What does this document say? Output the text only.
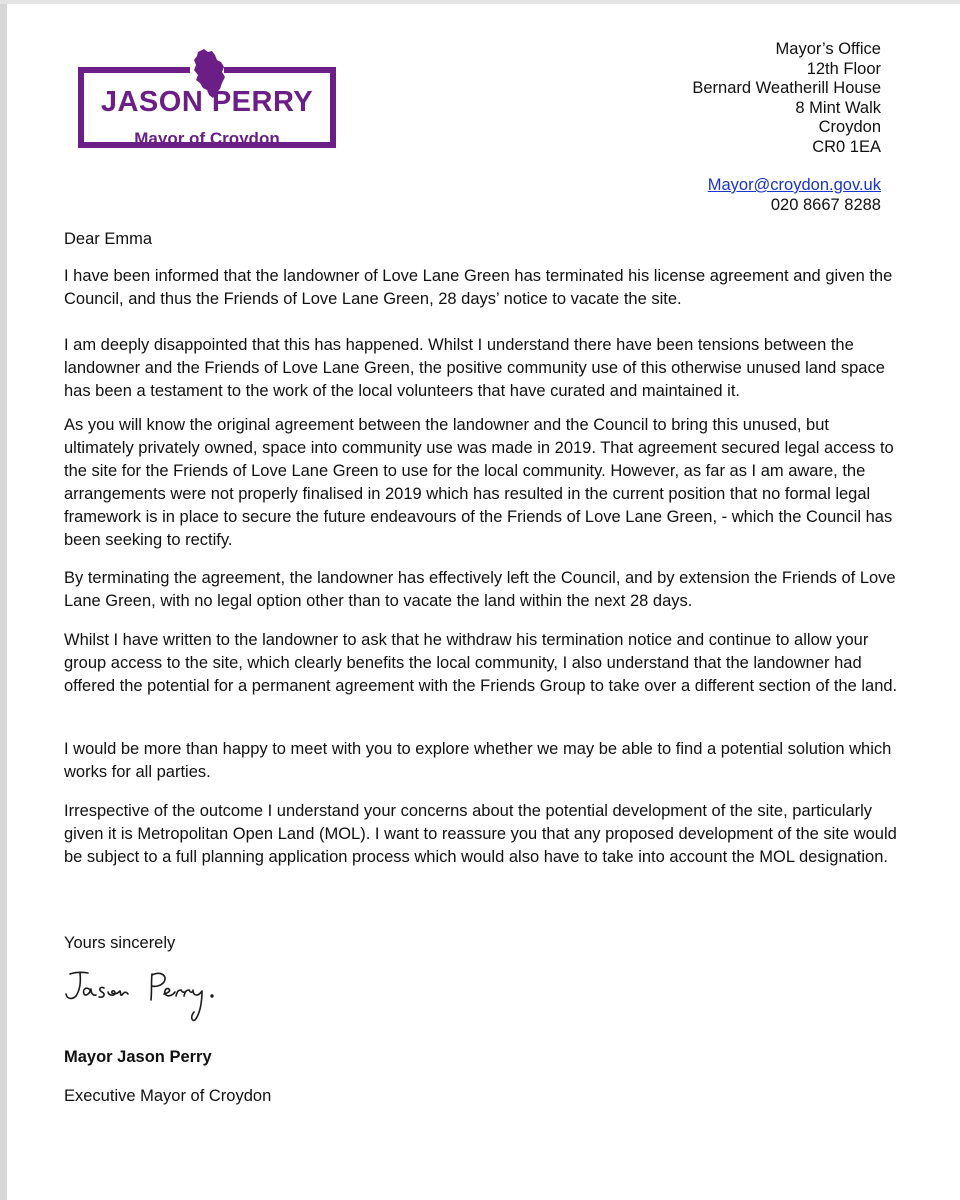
JASON PERRY
Mayor of Croydon
Mayor’s Office
12th Floor
Bernard Weatherill House
8 Mint Walk
Croydon
CR0 1EA
Mayor@croydon.gov.uk
020 8667 8288
Dear Emma

I have been informed that the landowner of Love Lane Green has terminated his license agreement and given the Council, and thus the Friends of Love Lane Green, 28 days’ notice to vacate the site.

I am deeply disappointed that this has happened. Whilst I understand there have been tensions between the landowner and the Friends of Love Lane Green, the positive community use of this otherwise unused land space has been a testament to the work of the local volunteers that have curated and maintained it.

As you will know the original agreement between the landowner and the Council to bring this unused, but ultimately privately owned, space into community use was made in 2019. That agreement secured legal access to the site for the Friends of Love Lane Green to use for the local community. However, as far as I am aware, the arrangements were not properly finalised in 2019 which has resulted in the current position that no formal legal framework is in place to secure the future endeavours of the Friends of Love Lane Green, - which the Council has been seeking to rectify.

By terminating the agreement, the landowner has effectively left the Council, and by extension the Friends of Love Lane Green, with no legal option other than to vacate the land within the next 28 days.

Whilst I have written to the landowner to ask that he withdraw his termination notice and continue to allow your group access to the site, which clearly benefits the local community, I also understand that the landowner had offered the potential for a permanent agreement with the Friends Group to take over a different section of the land.

I would be more than happy to meet with you to explore whether we may be able to find a potential solution which works for all parties.

Irrespective of the outcome I understand your concerns about the potential development of the site, particularly given it is Metropolitan Open Land (MOL). I want to reassure you that any proposed development of the site would be subject to a full planning application process which would also have to take into account the MOL designation.

Yours sincerely
Mayor Jason Perry
Executive Mayor of Croydon
